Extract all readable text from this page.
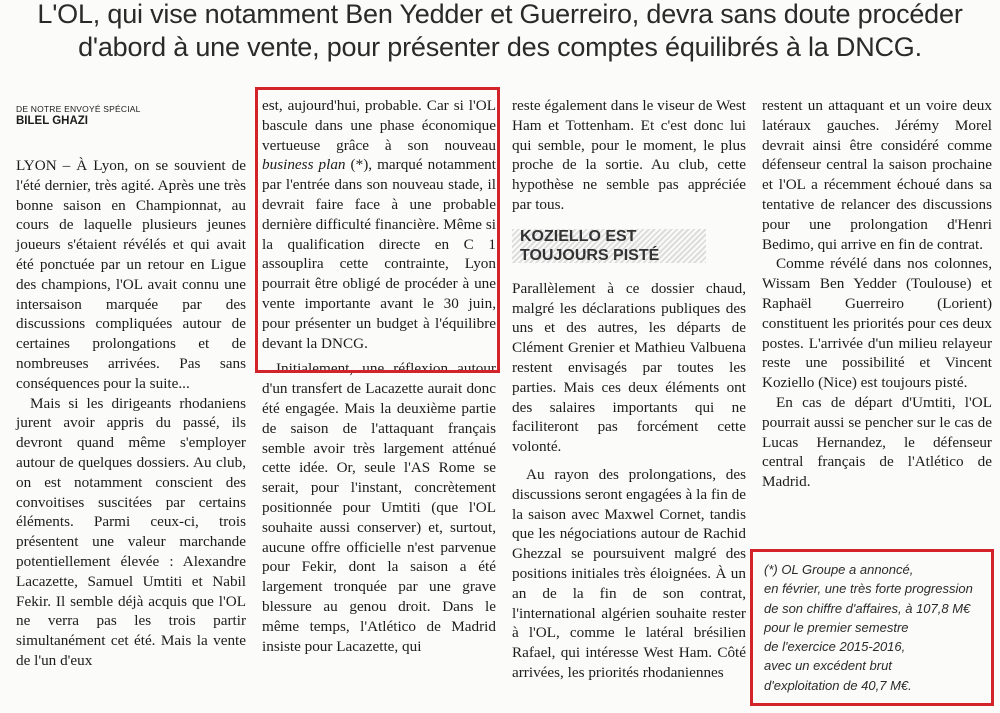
L'OL, qui vise notamment Ben Yedder et Guerreiro, devra sans doute procéder
d'abord à une vente, pour présenter des comptes équilibrés à la DNCG.
DE NOTRE ENVOYÉ SPÉCIAL
BILEL GHAZI

LYON – À Lyon, on se souvient de l'été dernier, très agité. Après une très bonne saison en Championnat, au cours de laquelle plusieurs jeunes joueurs s'étaient révélés et qui avait été ponctuée par un retour en Ligue des champions, l'OL avait connu une intersaison marquée par des discussions compliquées autour de certaines prolongations et de nombreuses arrivées. Pas sans conséquences pour la suite...

Mais si les dirigeants rhodaniens jurent avoir appris du passé, ils devront quand même s'employer autour de quelques dossiers. Au club, on est notamment conscient des convoitises suscitées par certains éléments. Parmi ceux-ci, trois présentent une valeur marchande potentiellement élevée : Alexandre Lacazette, Samuel Umtiti et Nabil Fekir. Il semble déjà acquis que l'OL ne verra pas les trois partir simultanément cet été. Mais la vente de l'un d'eux

est, aujourd'hui, probable. Car si l'OL bascule dans une phase économique vertueuse grâce à son nouveau business plan (*), marqué notamment par l'entrée dans son nouveau stade, il devrait faire face à une probable dernière difficulté financière. Même si la qualification directe en C 1 assouplira cette contrainte, Lyon pourrait être obligé de procéder à une vente importante avant le 30 juin, pour présenter un budget à l'équilibre devant la DNCG.

Initialement, une réflexion autour d'un transfert de Lacazette aurait donc été engagée. Mais la deuxième partie de saison de l'attaquant français semble avoir très largement atténué cette idée. Or, seule l'AS Rome se serait, pour l'instant, concrètement positionnée pour Umtiti (que l'OL souhaite aussi conserver) et, surtout, aucune offre officielle n'est parvenue pour Fekir, dont la saison a été largement tronquée par une grave blessure au genou droit. Dans le même temps, l'Atlético de Madrid insiste pour Lacazette, qui

reste également dans le viseur de West Ham et Tottenham. Et c'est donc lui qui semble, pour le moment, le plus proche de la sortie. Au club, cette hypothèse ne semble pas appréciée par tous.

KOZIELLO EST
TOUJOURS PISTÉ

Parallèlement à ce dossier chaud, malgré les déclarations publiques des uns et des autres, les départs de Clément Grenier et Mathieu Valbuena restent envisagés par toutes les parties. Mais ces deux éléments ont des salaires importants qui ne faciliteront pas forcément cette volonté.

Au rayon des prolongations, des discussions seront engagées à la fin de la saison avec Maxwel Cornet, tandis que les négociations autour de Rachid Ghezzal se poursuivent malgré des positions initiales très éloignées. À un an de la fin de son contrat, l'international algérien souhaite rester à l'OL, comme le latéral brésilien Rafael, qui intéresse West Ham. Côté arrivées, les priorités rhodaniennes

restent un attaquant et un voire deux latéraux gauches. Jérémy Morel devrait ainsi être considéré comme défenseur central la saison prochaine et l'OL a récemment échoué dans sa tentative de relancer des discussions pour une prolongation d'Henri Bedimo, qui arrive en fin de contrat.

Comme révélé dans nos colonnes, Wissam Ben Yedder (Toulouse) et Raphaël Guerreiro (Lorient) constituent les priorités pour ces deux postes. L'arrivée d'un milieu relayeur reste une possibilité et Vincent Koziello (Nice) est toujours pisté.

En cas de départ d'Umtiti, l'OL pourrait aussi se pencher sur le cas de Lucas Hernandez, le défenseur central français de l'Atlético de Madrid.

(*) OL Groupe a annoncé,
en février, une très forte progression
de son chiffre d'affaires, à 107,8 M€
pour le premier semestre
de l'exercice 2015-2016,
avec un excédent brut
d'exploitation de 40,7 M€.
